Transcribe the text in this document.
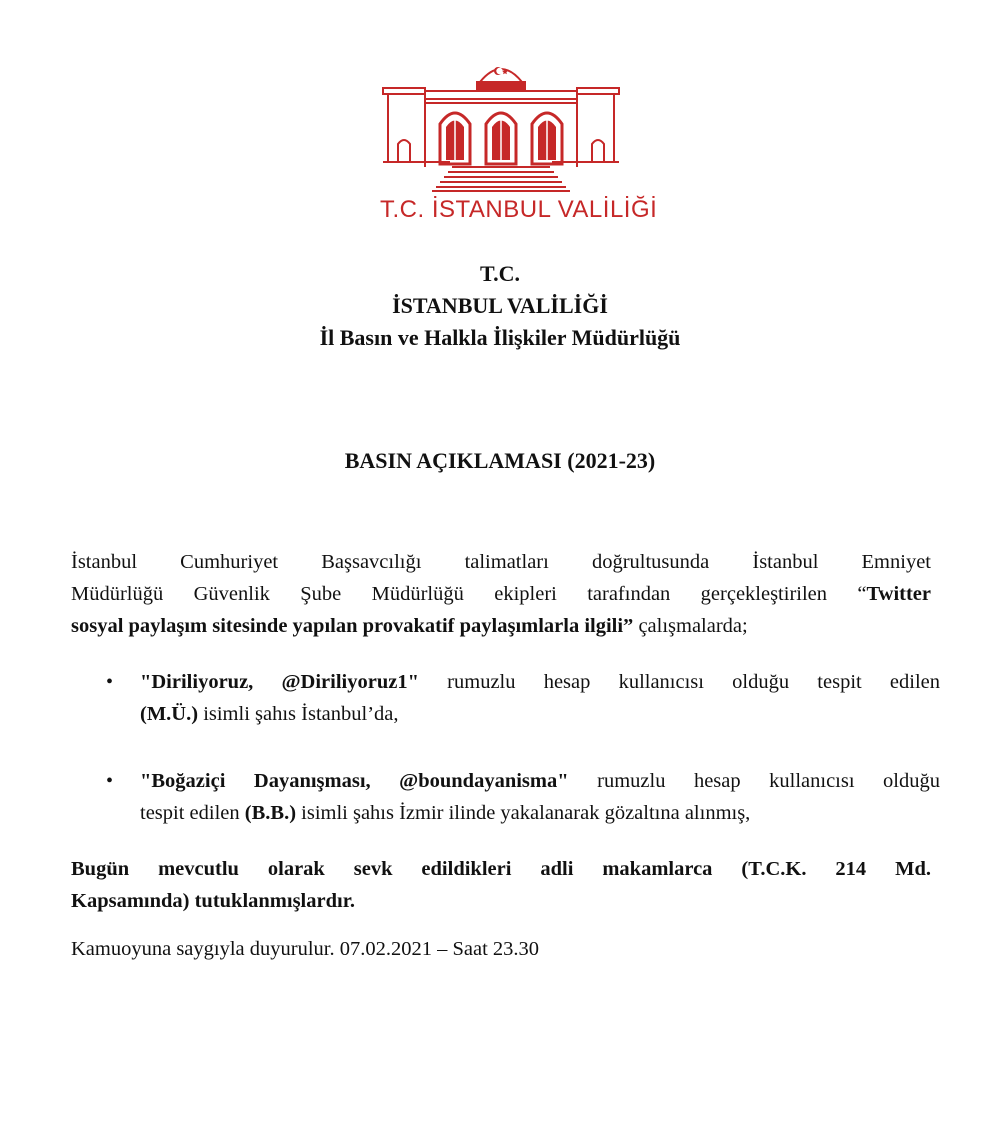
T.C. İSTANBUL VALİLİĞİ
T.C.
İSTANBUL VALİLİĞİ
İl Basın ve Halkla İlişkiler Müdürlüğü
BASIN AÇIKLAMASI (2021-23)
İstanbul Cumhuriyet Başsavcılığı talimatları doğrultusunda İstanbul Emniyet
Müdürlüğü Güvenlik Şube Müdürlüğü ekipleri tarafından gerçekleştirilen “Twitter
sosyal paylaşım sitesinde yapılan provakatif paylaşımlarla ilgili” çalışmalarda;
•	"Diriliyoruz, @Diriliyoruz1" rumuzlu hesap kullanıcısı olduğu tespit edilen
(M.Ü.) isimli şahıs İstanbul’da,
•	"Boğaziçi Dayanışması, @boundayanisma" rumuzlu hesap kullanıcısı olduğu
tespit edilen (B.B.) isimli şahıs İzmir ilinde yakalanarak gözaltına alınmış,
Bugün mevcutlu olarak sevk edildikleri adli makamlarca (T.C.K. 214 Md.
Kapsamında) tutuklanmışlardır.
Kamuoyuna saygıyla duyurulur. 07.02.2021 – Saat 23.30
